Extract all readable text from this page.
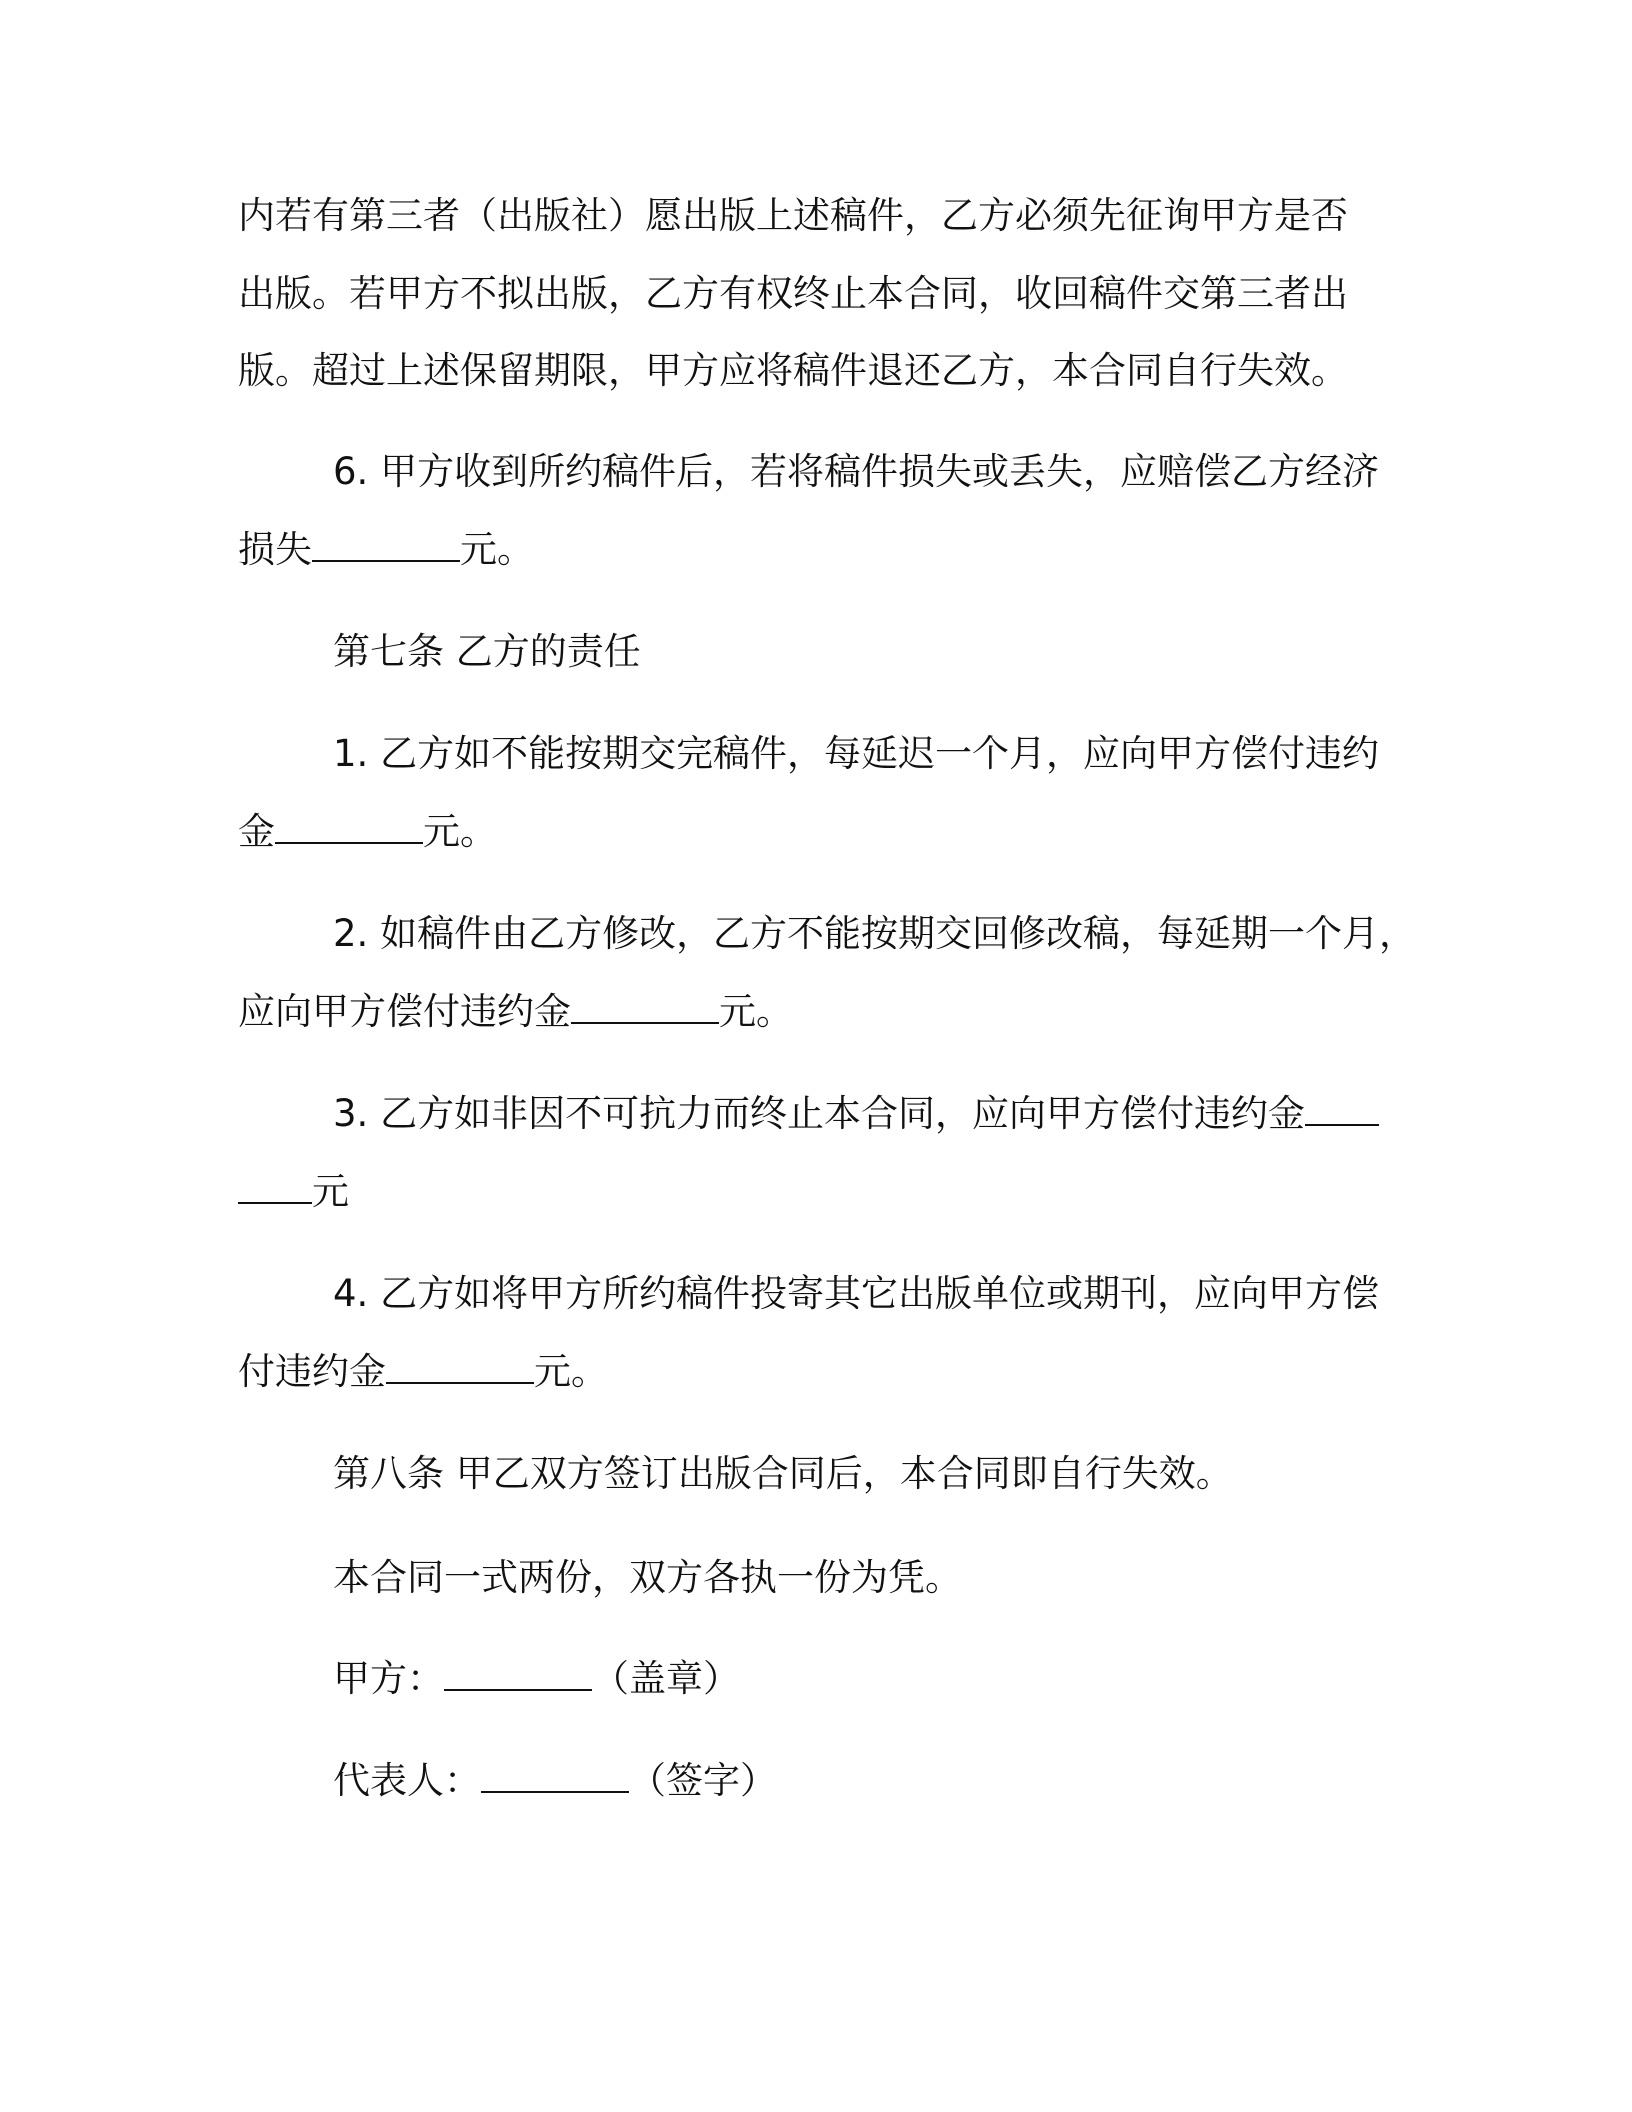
内若有第三者（出版社）愿出版上述稿件，乙方必须先征询甲方是否
出版。若甲方不拟出版，乙方有权终止本合同，收回稿件交第三者出
版。超过上述保留期限，甲方应将稿件退还乙方，本合同自行失效。
6. 甲方收到所约稿件后，若将稿件损失或丢失，应赔偿乙方经济
损失	元。
第七条 乙方的责任
1. 乙方如不能按期交完稿件，每延迟一个月，应向甲方偿付违约
金	元。
2. 如稿件由乙方修改，乙方不能按期交回修改稿，每延期一个月，
应向甲方偿付违约金	元。
3. 乙方如非因不可抗力而终止本合同，应向甲方偿付违约金
元
4. 乙方如将甲方所约稿件投寄其它出版单位或期刊，应向甲方偿
付违约金	元。
第八条 甲乙双方签订出版合同后，本合同即自行失效。
本合同一式两份，双方各执一份为凭。
甲方：	（盖章）
代表人：	（签字）
